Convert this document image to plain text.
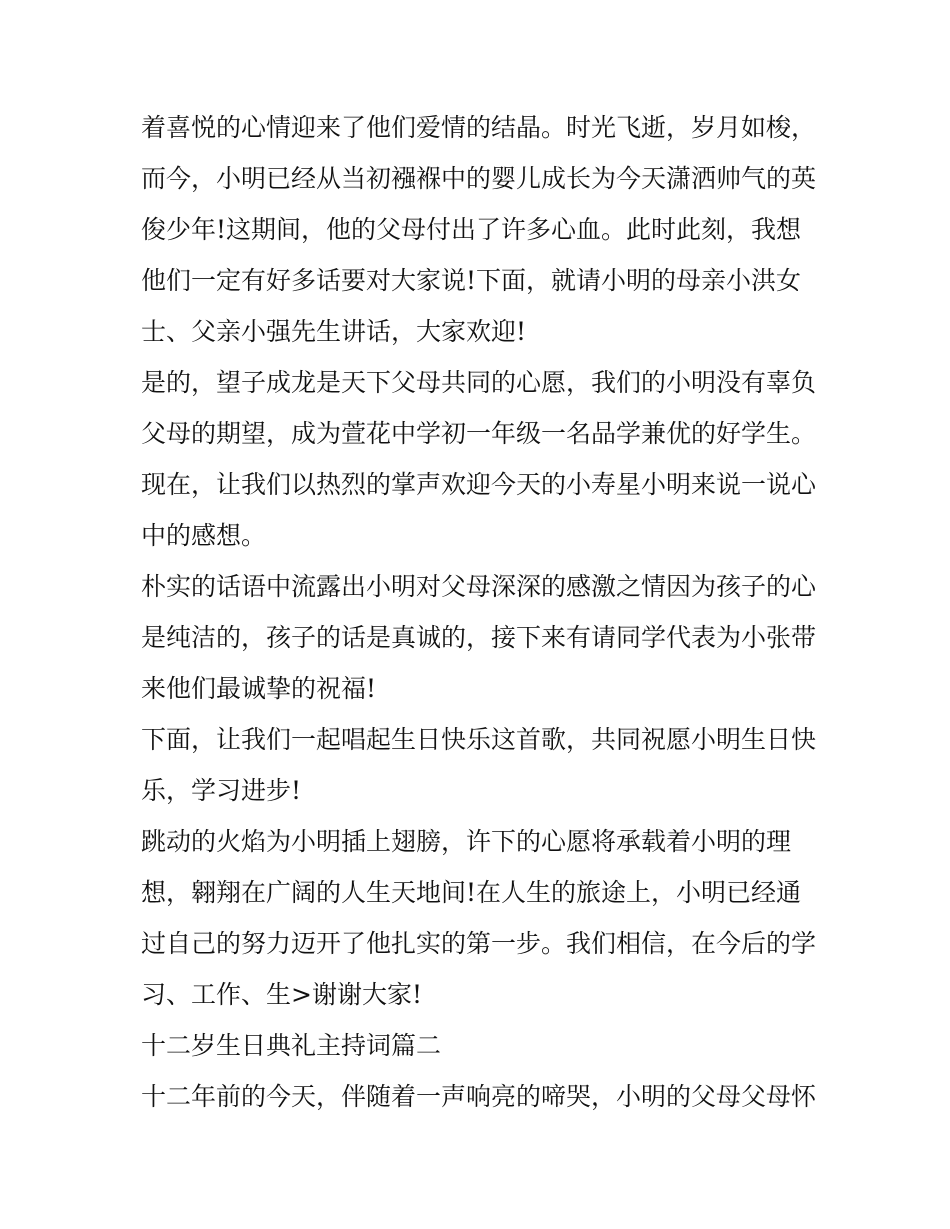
着喜悦的心情迎来了他们爱情的结晶。时光飞逝，岁月如梭，
而今，小明已经从当初襁褓中的婴儿成长为今天潇洒帅气的英
俊少年!这期间，他的父母付出了许多心血。此时此刻，我想
他们一定有好多话要对大家说!下面，就请小明的母亲小洪女
士、父亲小强先生讲话，大家欢迎!
是的，望子成龙是天下父母共同的心愿，我们的小明没有辜负
父母的期望，成为萱花中学初一年级一名品学兼优的好学生。
现在，让我们以热烈的掌声欢迎今天的小寿星小明来说一说心
中的感想。
朴实的话语中流露出小明对父母深深的感激之情因为孩子的心
是纯洁的，孩子的话是真诚的，接下来有请同学代表为小张带
来他们最诚挚的祝福!
下面，让我们一起唱起生日快乐这首歌，共同祝愿小明生日快
乐，学习进步!
跳动的火焰为小明插上翅膀，许下的心愿将承载着小明的理
想，翱翔在广阔的人生天地间!在人生的旅途上，小明已经通
过自己的努力迈开了他扎实的第一步。我们相信，在今后的学
习、工作、生>谢谢大家!
十二岁生日典礼主持词篇二
十二年前的今天，伴随着一声响亮的啼哭，小明的父母父母怀
